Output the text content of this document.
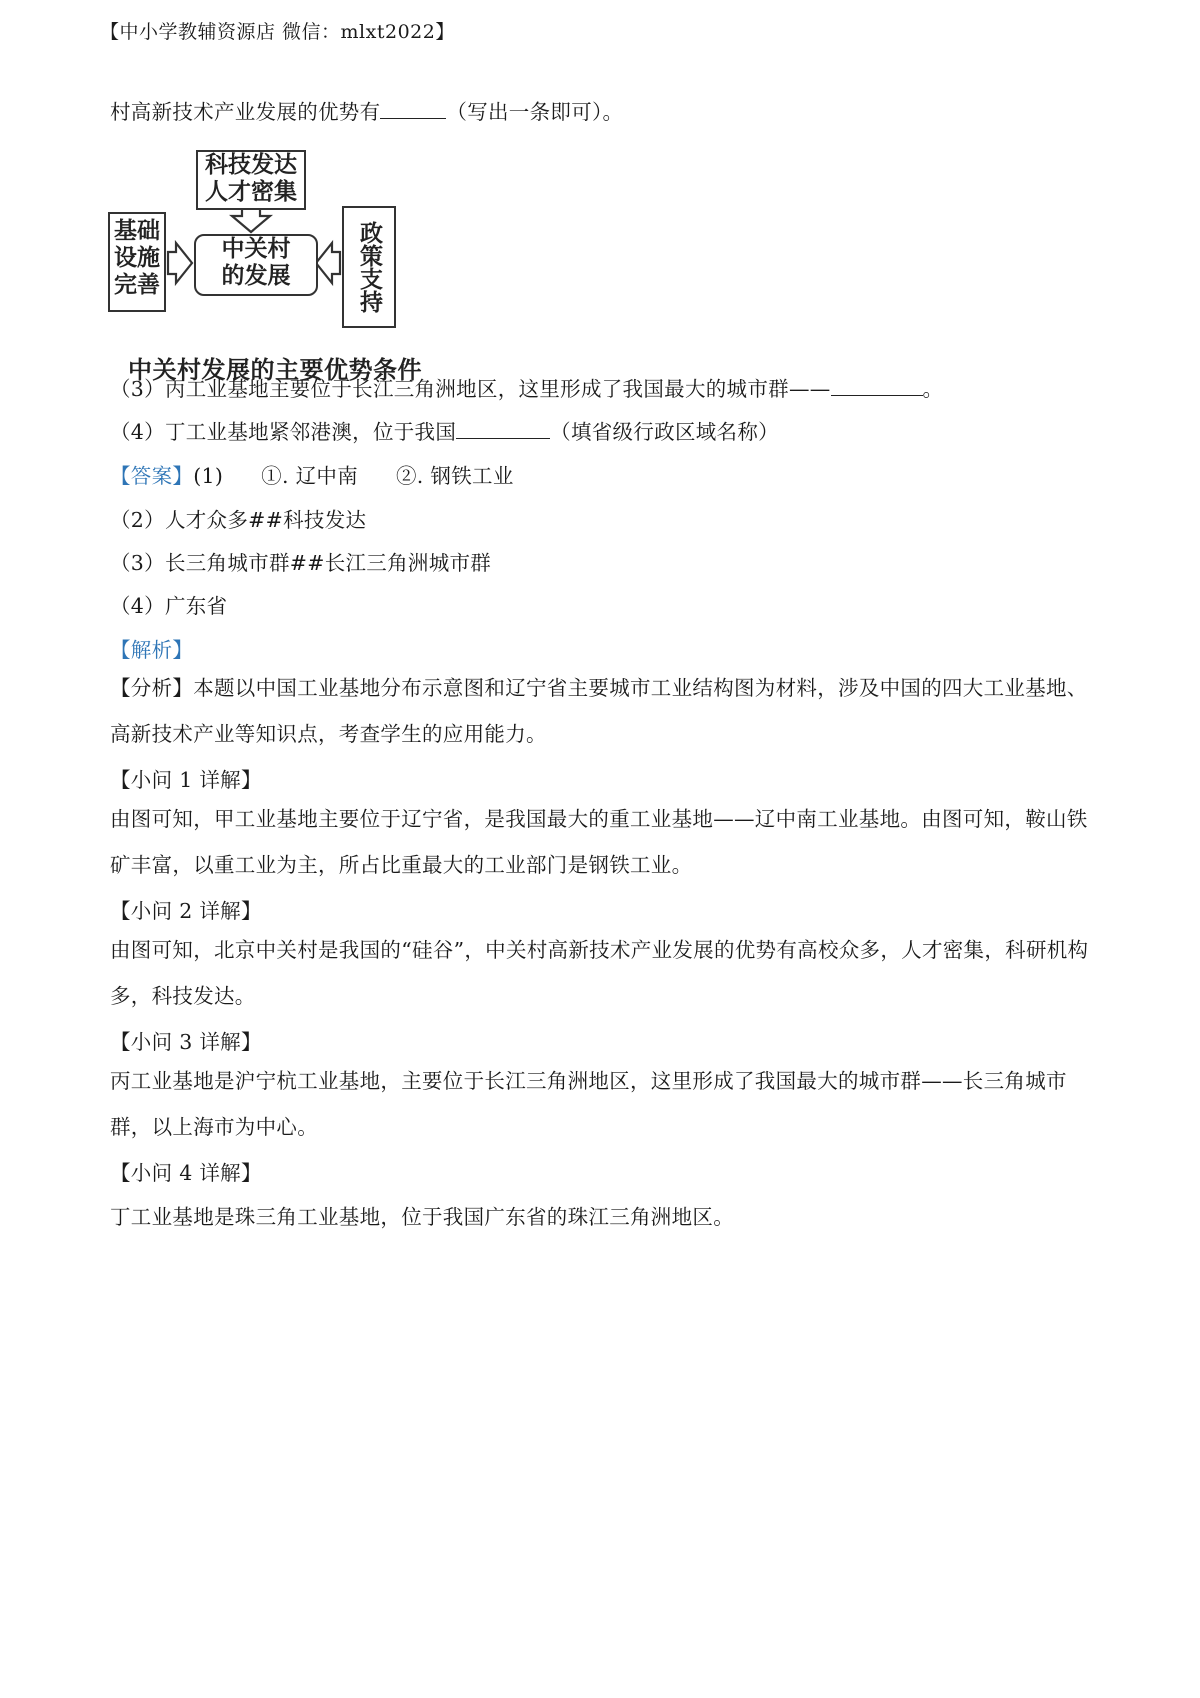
【中小学教辅资源店 微信：mlxt2022】
村高新技术产业发展的优势有	（写出一条即可）。
科技发达
人才密集
基础
设施
完善
中关村
的发展	政策支持
中关村发展的主要优势条件
（3）丙工业基地主要位于长江三角洲地区，这里形成了我国最大的城市群——	。
（4）丁工业基地紧邻港澳，位于我国	（填省级行政区域名称）
【答案】(1) ①. 辽中南 ②. 钢铁工业
（2）人才众多##科技发达
（3）长三角城市群##长江三角洲城市群
（4）广东省
【解析】
【分析】本题以中国工业基地分布示意图和辽宁省主要城市工业结构图为材料，涉及中国的四大工业基地、高新技术产业等知识点，考查学生的应用能力。
【小问 1 详解】
由图可知，甲工业基地主要位于辽宁省，是我国最大的重工业基地——辽中南工业基地。由图可知，鞍山铁矿丰富，以重工业为主，所占比重最大的工业部门是钢铁工业。
【小问 2 详解】
由图可知，北京中关村是我国的“硅谷”，中关村高新技术产业发展的优势有高校众多，人才密集，科研机构多，科技发达。
【小问 3 详解】
丙工业基地是沪宁杭工业基地，主要位于长江三角洲地区，这里形成了我国最大的城市群——长三角城市群，以上海市为中心。
【小问 4 详解】
丁工业基地是珠三角工业基地，位于我国广东省的珠江三角洲地区。
